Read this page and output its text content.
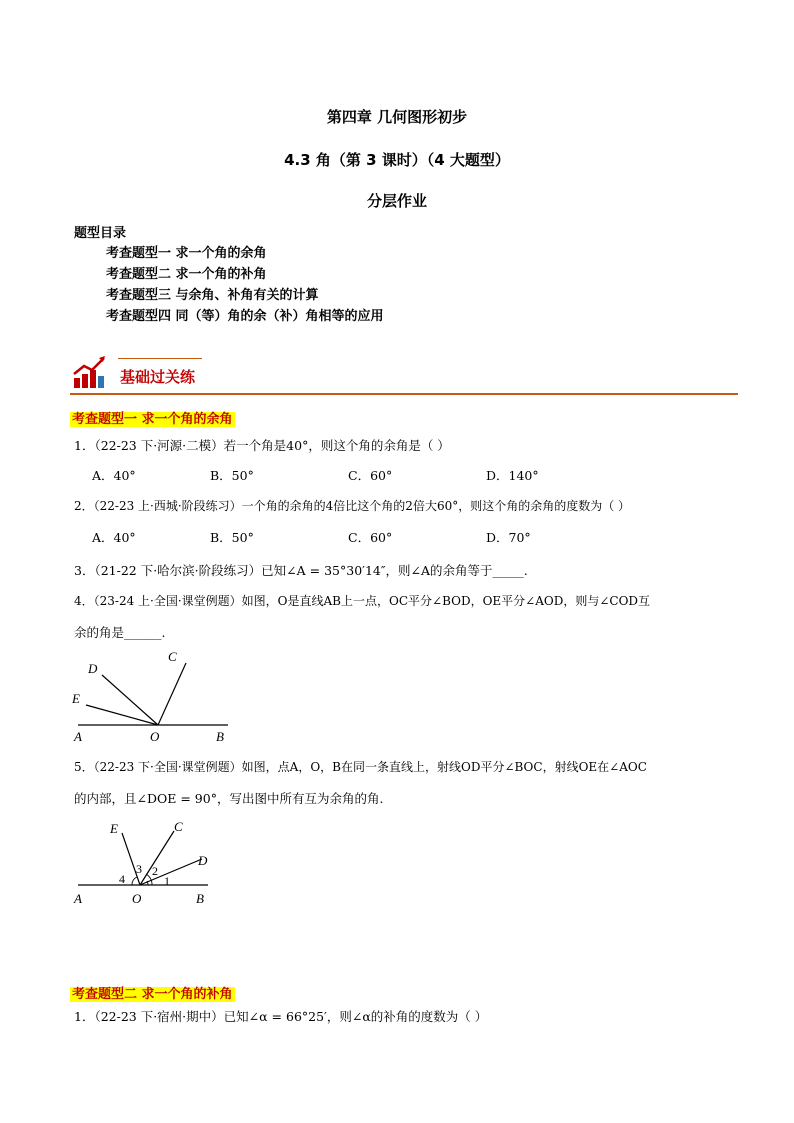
第四章 几何图形初步
4.3 角（第 3 课时）（4 大题型）
分层作业
题型目录
考查题型一 求一个角的余角
考查题型二 求一个角的补角
考查题型三 与余角、补角有关的计算
考查题型四 同（等）角的余（补）角相等的应用
基础过关练
考查题型一 求一个角的余角
1．（22-23 下·河源·二模）若一个角是40°，则这个角的余角是（ ）
A．40°	B．50°	C．60°	D．140°
2．（22-23 上·西城·阶段练习）一个角的余角的4倍比这个角的2倍大60°，则这个角的余角的度数为（ ）
A．40°	B．50°	C．60°	D．70°
3．（21-22 下·哈尔滨·阶段练习）已知∠A = 35°30′14″，则∠A的余角等于_____.
4．（23-24 上·全国·课堂例题）如图，O是直线AB上一点，OC平分∠BOD，OE平分∠AOD，则与∠COD互
余的角是______.
A	B
O
C
D
E
5．（22-23 下·全国·课堂例题）如图，点A，O，B在同一条直线上，射线OD平分∠BOC，射线OE在∠AOC
的内部，且∠DOE = 90°，写出图中所有互为余角的角.
A	B
O
C
D
E
1
2
3
4
考查题型二 求一个角的补角
1．（22-23 下·宿州·期中）已知∠α = 66°25′，则∠α的补角的度数为（ ）
